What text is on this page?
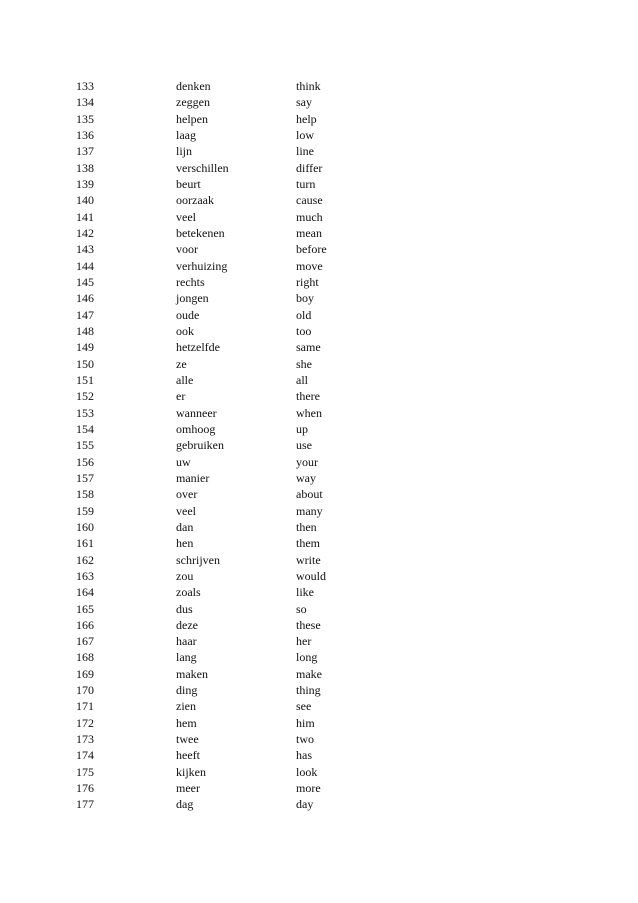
133	denken	think
134	zeggen	say
135	helpen	help
136	laag	low
137	lijn	line
138	verschillen	differ
139	beurt	turn
140	oorzaak	cause
141	veel	much
142	betekenen	mean
143	voor	before
144	verhuizing	move
145	rechts	right
146	jongen	boy
147	oude	old
148	ook	too
149	hetzelfde	same
150	ze	she
151	alle	all
152	er	there
153	wanneer	when
154	omhoog	up
155	gebruiken	use
156	uw	your
157	manier	way
158	over	about
159	veel	many
160	dan	then
161	hen	them
162	schrijven	write
163	zou	would
164	zoals	like
165	dus	so
166	deze	these
167	haar	her
168	lang	long
169	maken	make
170	ding	thing
171	zien	see
172	hem	him
173	twee	two
174	heeft	has
175	kijken	look
176	meer	more
177	dag	day
